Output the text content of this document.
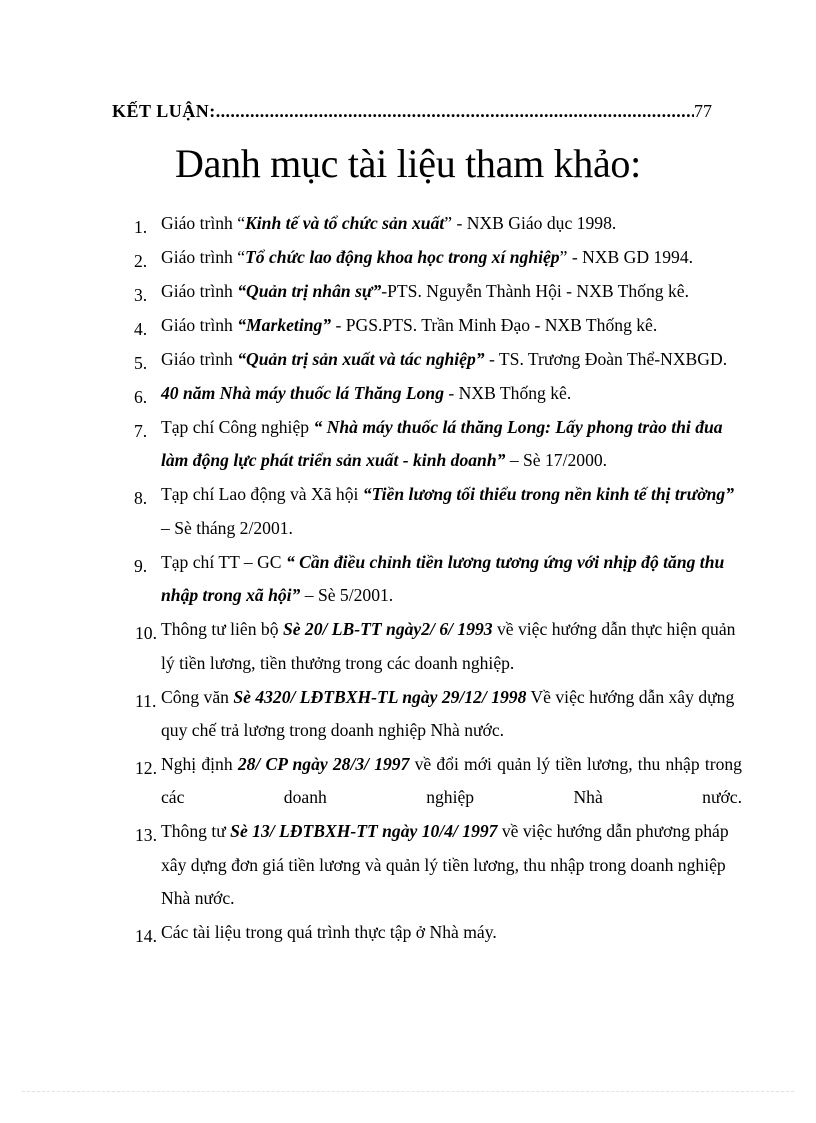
KẾT LUẬN:
.....	77
Danh mục tài liệu tham khảo:
1. Giáo trình “Kinh tế và tổ chức sản xuất” - NXB Giáo dục 1998.
2. Giáo trình “Tổ chức lao động khoa học trong xí nghiệp” - NXB GD 1994.
3. Giáo trình “Quản trị nhân sự”-PTS. Nguyễn Thành Hội - NXB Thống kê.
4. Giáo trình “Marketing” - PGS.PTS. Trần Minh Đạo - NXB Thống kê.
5. Giáo trình “Quản trị sản xuất và tác nghiệp” - TS. Trương Đoàn Thể-NXBGD.
6. 40 năm Nhà máy thuốc lá Thăng Long - NXB Thống kê.
7. Tạp chí Công nghiệp “ Nhà máy thuốc lá thăng Long: Lấy phong trào thi đua làm động lực phát triển sản xuất - kinh doanh” – Sè 17/2000.
8. Tạp chí Lao động và Xã hội “Tiền lương tối thiểu trong nền kinh tế thị trường” – Sè tháng 2/2001.
9. Tạp chí TT – GC “ Cần điều chỉnh tiền lương tương ứng với nhịp độ tăng thu nhập trong xã hội” – Sè 5/2001.
10. Thông tư liên bộ Sè 20/ LB-TT ngày2/ 6/ 1993 về việc hướng dẫn thực hiện quản lý tiền lương, tiền thưởng trong các doanh nghiệp.
11. Công văn Sè 4320/ LĐTBXH-TL ngày 29/12/ 1998 Về việc hướng dẫn xây dựng quy chế trả lương trong doanh nghiệp Nhà nước.
12. Nghị định 28/ CP ngày 28/3/ 1997 về đổi mới quản lý tiền lương, thu nhập trong các doanh nghiệp Nhà nước.
13. Thông tư Sè 13/ LĐTBXH-TT ngày 10/4/ 1997 về việc hướng dẫn phương pháp xây dựng đơn giá tiền lương và quản lý tiền lương, thu nhập trong doanh nghiệp Nhà nước.
14. Các tài liệu trong quá trình thực tập ở Nhà máy.
